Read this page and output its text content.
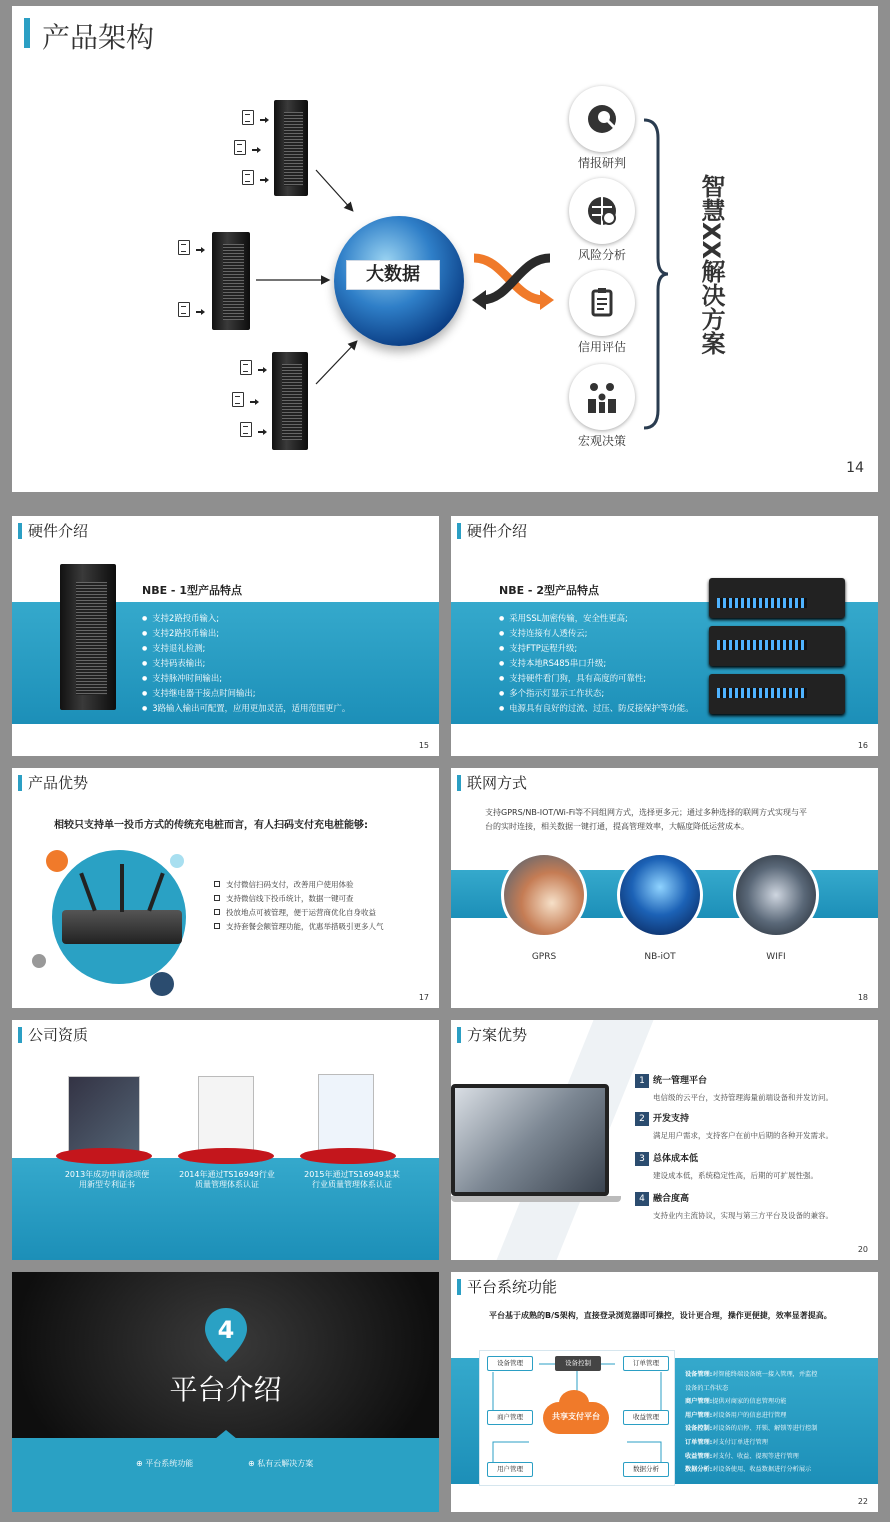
产品架构
大数据
情报研判
风险分析
信用评估
宏观决策
智慧XX解决方案
14
硬件介绍
NBE - 1型产品特点
● 支持2路投币输入;
● 支持2路投币输出;
● 支持退礼检测;
● 支持码表输出;
● 支持脉冲时间输出;
● 支持继电器干接点时间输出;
● 3路输入输出可配置，应用更加灵活，适用范围更广。
15
硬件介绍
NBE - 2型产品特点
● 采用SSL加密传输，安全性更高;
● 支持连接有人透传云;
● 支持FTP远程升级;
● 支持本地RS485串口升级;
● 支持硬件看门狗，具有高度的可靠性;
● 多个指示灯显示工作状态;
● 电源具有良好的过流、过压、防反接保护等功能。
16
产品优势
相较只支持单一投币方式的传统充电桩而言，有人扫码支付充电桩能够:
支付微信扫码支付，改善用户使用体验
支持微信线下投币统计，数据一键可查
投放地点可被管理，便于运营商优化自身收益
支持套餐会额管理功能，优惠举措吸引更多人气
17
联网方式
支持GPRS/NB-IOT/Wi-Fi等不同组网方式，选择更多元；通过多种选择的联网方式实现与平
台的实时连接，相关数据一键打通，提高管理效率，大幅度降低运营成本。
GPRS	NB-iOT	WIFI
18
公司资质
2013年成功申请涂项便
用新型专利证书
2014年通过TS16949行业
质量管理体系认证
2015年通过TS16949某某
行业质量管理体系认证
方案优势
1 统一管理平台
电信级的云平台，支持管理海量前端设备和并发访问。
2 开发支持
满足用户需求，支持客户在前中后期的各种开发需求。
3 总体成本低
建设成本低，系统稳定性高，后期的可扩展性强。
4 融合度高
支持业内主流协议，实现与第三方平台及设备的兼容。
20
4
平台介绍
⊕ 平台系统功能	⊕ 私有云解决方案
平台系统功能
平台基于成熟的B/S架构，直接登录浏览器即可操控，设计更合理，操作更便捷，效率显著提高。
设备管理	设备控制	订单管理
商户管理	共享支付平台	收益管理
用户管理	数据分析
设备管理:对智能终端设备统一接入管理，并监控
设备的工作状态
商户管理:提供对商家的信息管理功能
用户管理:对设备用户的信息进行管理
设备控制:对设备的启停、开锁、解锁等进行控制
订单管理:对支付订单进行管理
收益管理:对支付、收益、提现等进行管理
数据分析:对设备使用、收益数据进行分析展示
22
